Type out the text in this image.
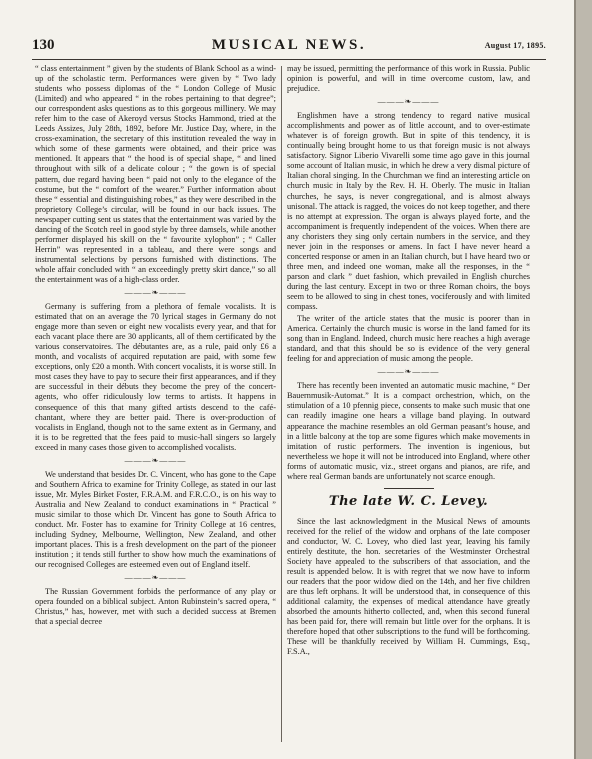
130	MUSICAL NEWS.	August 17, 1895.

“ class entertainment ” given by the students of Blank School as a wind-up of the scholastic term. Performances were given by “ Two lady students who possess diplomas of the “ London College of Music (Limited) and who appeared “ in the robes pertaining to that degree”; our correspondent asks questions as to this gorgeous millinery. We may refer him to the case of Akeroyd versus Stocks Hammond, tried at the Leeds Assizes, July 28th, 1892, before Mr. Justice Day, where, in the cross-examination, the secretary of this institution revealed the way in which some of these garments were obtained, and their price was mentioned. It appears that “ the hood is of special shape, “ and lined throughout with silk of a delicate colour ; “ the gown is of special pattern, due regard having been “ paid not only to the elegance of the costume, but the “ comfort of the wearer.” Further information about these “ essential and distinguishing robes,” as they were described in the proprietory College’s circular, will be found in our back issues. The newspaper cutting sent us states that the entertainment was varied by the dancing of the Scotch reel in good style by three damsels, while another performer displayed his skill on the “ favourite xylophon” ; “ Caller Herrin” was represented in a tableau, and there were songs and instrumental selections by persons furnished with distinctions. The whole affair concluded with “ an exceedingly pretty skirt dance,” so all the entertainment was of a high-class order.

———❧———

Germany is suffering from a plethora of female vocalists. It is estimated that on an average the 70 lyrical stages in Germany do not engage more than seven or eight new vocalists every year, and that for each vacant place there are 30 applicants, all of them certificated by the various conservatoires. The débutantes are, as a rule, paid only £6 a month, and vocalists of acquired reputation are paid, with some few exceptions, only £20 a month. With concert vocalists, it is worse still. In most cases they have to pay to secure their first appearances, and if they are successful in their débuts they become the prey of the concert-agents, who offer ridiculously low terms to artists. It happens in consequence of this that many gifted artists descend to the café-chantant, where they are better paid. There is over-production of vocalists in England, though not to the same extent as in Germany, and it is to be regretted that the fees paid to music-hall singers so largely exceed in many cases those given to accomplished vocalists.

———❧———

We understand that besides Dr. C. Vincent, who has gone to the Cape and Southern Africa to examine for Trinity College, as stated in our last issue, Mr. Myles Birket Foster, F.R.A.M. and F.R.C.O., is on his way to Australia and New Zealand to conduct examinations in “ Practical ” music similar to those which Dr. Vincent has gone to South Africa to conduct. Mr. Foster has to examine for Trinity College at 16 centres, including Sydney, Melbourne, Wellington, New Zealand, and other important places. This is a fresh development on the part of the pioneer institution ; it tends still further to show how much the examinations of our recognised Colleges are esteemed even out of England itself.

———❧———

The Russian Government forbids the performance of any play or opera founded on a biblical subject. Anton Rubinstein’s sacred opera, “ Christus,” has, however, met with such a decided success at Bremen that a special decree

may be issued, permitting the performance of this work in Russia. Public opinion is powerful, and will in time overcome custom, law, and prejudice.

———❧———

Englishmen have a strong tendency to regard native musical accomplishments and power as of little account, and to over-estimate whatever is of foreign growth. But in spite of this tendency, it is continually being brought home to us that foreign music is not always satisfactory. Signor Liberio Vivarelli some time ago gave in this journal some account of Italian music, in which he drew a very dismal picture of Italian choral singing. In the Churchman we find an interesting article on church music in Italy by the Rev. H. H. Oberly. The music in Italian churches, he says, is never congregational, and is almost always unisonal. The attack is ragged, the voices do not keep together, and there is no attempt at expression. The organ is always played forte, and the accompaniment is frequently independent of the voices. When there are any choristers they sing only certain numbers in the service, and they never join in the responses or amens. In fact I have never heard a concerted response or amen in an Italian church, but I have heard two or three men, and indeed one woman, make all the responses, in the “ parson and clark ” duet fashion, which prevailed in English churches during the last century. Except in two or three Roman choirs, the boys seem to be allowed to sing in chest tones, vociferously and with limited compass.

The writer of the article states that the music is poorer than in America. Certainly the church music is worse in the land famed for its song than in England. Indeed, church music here reaches a high average standard, and that this should be so is evidence of the very general feeling for and appreciation of music among the people.

———❧———

There has recently been invented an automatic music machine, “ Der Bauernmusik-Automat.” It is a compact orchestrion, which, on the stimulation of a 10 pfennig piece, consents to make such music that one can readily imagine one hears a village band playing. In outward appearance the machine resembles an old German peasant’s house, and in a little balcony at the top are some figures which make movements in imitation of rustic performers. The invention is ingenious, but nevertheless we hope it will not be introduced into England, where other forms of automatic music, viz., street organs and pianos, are rife, and where real German bands are unfortunately not scarce enough.

The late W. C. Levey.

Since the last acknowledgment in the Musical News of amounts received for the relief of the widow and orphans of the late composer and conductor, W. C. Lovey, who died last year, leaving his family entirely destitute, the hon. secretaries of the Westminster Orchestral Society have appealed to the subscribers of that association, and the result is appended below. It is with regret that we now have to inform our readers that the poor widow died on the 14th, and her five children are thus left orphans. It will be understood that, in consequence of this additional calamity, the expenses of medical attendance have greatly absorbed the amounts hitherto collected, and, when this second funeral has been paid for, there will remain but little over for the orphans. It is therefore hoped that other subscriptions to the fund will be forthcoming. These will be thankfully received by William H. Cummings, Esq., F.S.A.,
